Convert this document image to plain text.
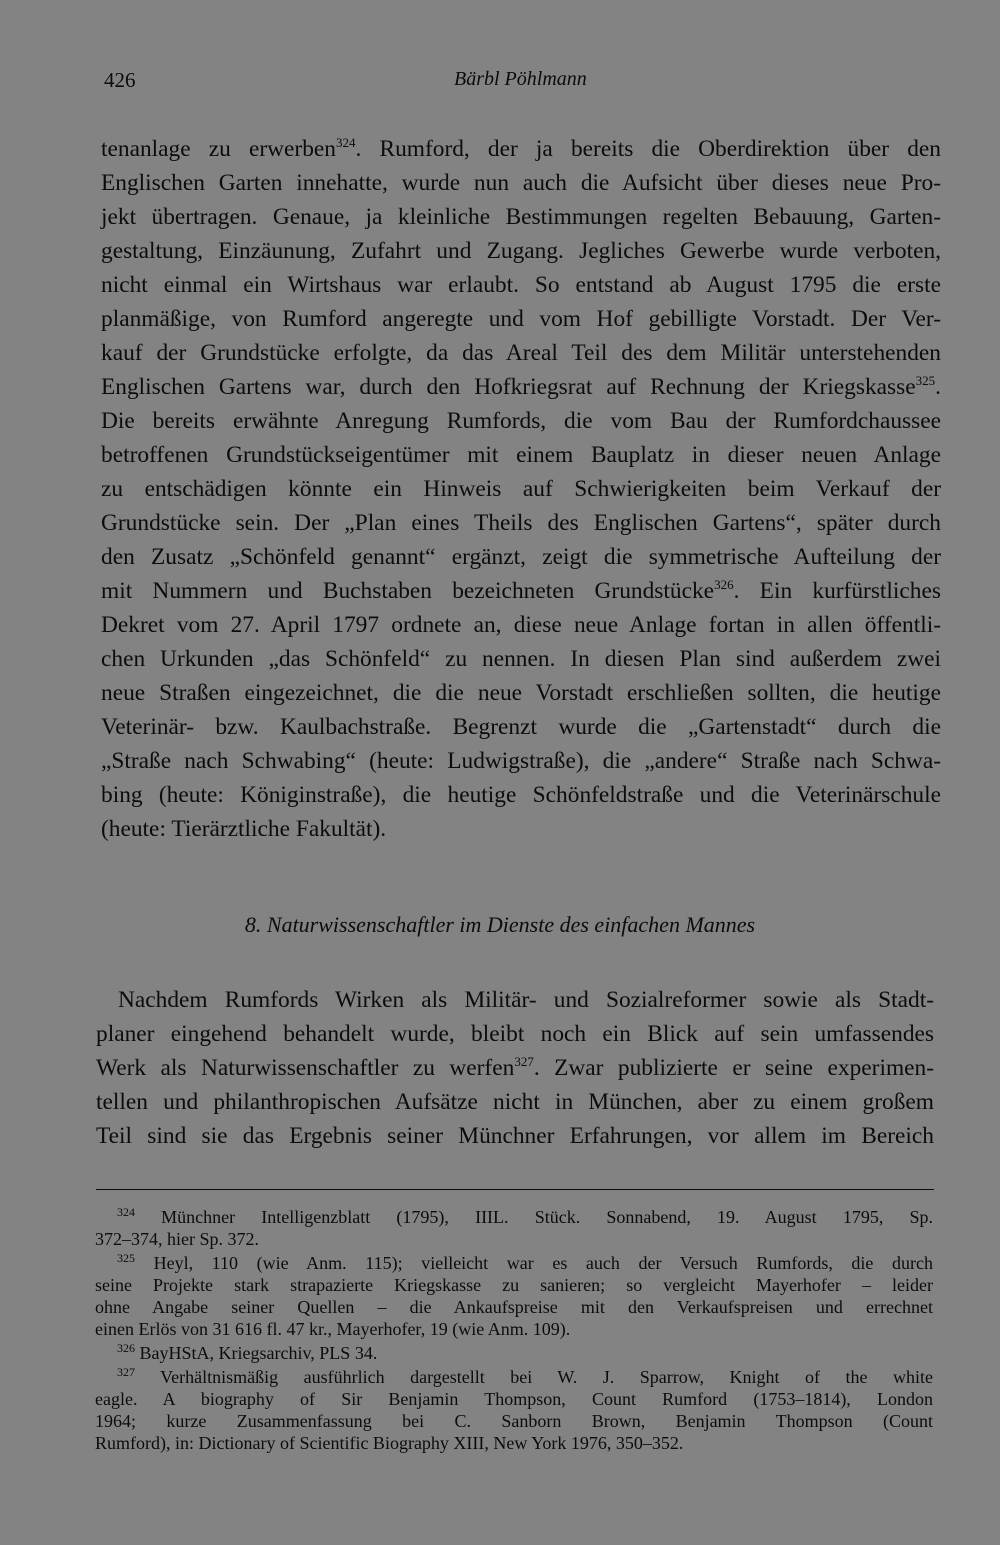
426	Bärbl Pöhlmann
tenanlage zu erwerben$^{324}$. Rumford, der ja bereits die Oberdirektion über den
Englischen Garten innehatte, wurde nun auch die Aufsicht über dieses neue Pro-
jekt übertragen. Genaue, ja kleinliche Bestimmungen regelten Bebauung, Garten-
gestaltung, Einzäunung, Zufahrt und Zugang. Jegliches Gewerbe wurde verboten,
nicht einmal ein Wirtshaus war erlaubt. So entstand ab August 1795 die erste
planmäßige, von Rumford angeregte und vom Hof gebilligte Vorstadt. Der Ver-
kauf der Grundstücke erfolgte, da das Areal Teil des dem Militär unterstehenden
Englischen Gartens war, durch den Hofkriegsrat auf Rechnung der Kriegskasse$^{325}$.
Die bereits erwähnte Anregung Rumfords, die vom Bau der Rumfordchaussee
betroffenen Grundstückseigentümer mit einem Bauplatz in dieser neuen Anlage
zu entschädigen könnte ein Hinweis auf Schwierigkeiten beim Verkauf der
Grundstücke sein. Der „Plan eines Theils des Englischen Gartens“, später durch
den Zusatz „Schönfeld genannt“ ergänzt, zeigt die symmetrische Aufteilung der
mit Nummern und Buchstaben bezeichneten Grundstücke$^{326}$. Ein kurfürstliches
Dekret vom 27. April 1797 ordnete an, diese neue Anlage fortan in allen öffentli-
chen Urkunden „das Schönfeld“ zu nennen. In diesen Plan sind außerdem zwei
neue Straßen eingezeichnet, die die neue Vorstadt erschließen sollten, die heutige
Veterinär- bzw. Kaulbachstraße. Begrenzt wurde die „Gartenstadt“ durch die
„Straße nach Schwabing“ (heute: Ludwigstraße), die „andere“ Straße nach Schwa-
bing (heute: Königinstraße), die heutige Schönfeldstraße und die Veterinärschule
(heute: Tierärztliche Fakultät).
8. Naturwissenschaftler im Dienste des einfachen Mannes
Nachdem Rumfords Wirken als Militär- und Sozialreformer sowie als Stadt-
planer eingehend behandelt wurde, bleibt noch ein Blick auf sein umfassendes
Werk als Naturwissenschaftler zu werfen$^{327}$. Zwar publizierte er seine experimen-
tellen und philanthropischen Aufsätze nicht in München, aber zu einem großem
Teil sind sie das Ergebnis seiner Münchner Erfahrungen, vor allem im Bereich
$^{324}$ Münchner Intelligenzblatt (1795), IIIL. Stück. Sonnabend, 19. August 1795, Sp.
372–374, hier Sp. 372.
$^{325}$ Heyl, 110 (wie Anm. 115); vielleicht war es auch der Versuch Rumfords, die durch
seine Projekte stark strapazierte Kriegskasse zu sanieren; so vergleicht Mayerhofer – leider
ohne Angabe seiner Quellen – die Ankaufspreise mit den Verkaufspreisen und errechnet
einen Erlös von 31 616 fl. 47 kr., Mayerhofer, 19 (wie Anm. 109).
$^{326}$ BayHStA, Kriegsarchiv, PLS 34.
$^{327}$ Verhältnismäßig ausführlich dargestellt bei W. J. Sparrow, Knight of the white
eagle. A biography of Sir Benjamin Thompson, Count Rumford (1753–1814), London
1964; kurze Zusammenfassung bei C. Sanborn Brown, Benjamin Thompson (Count
Rumford), in: Dictionary of Scientific Biography XIII, New York 1976, 350–352.
